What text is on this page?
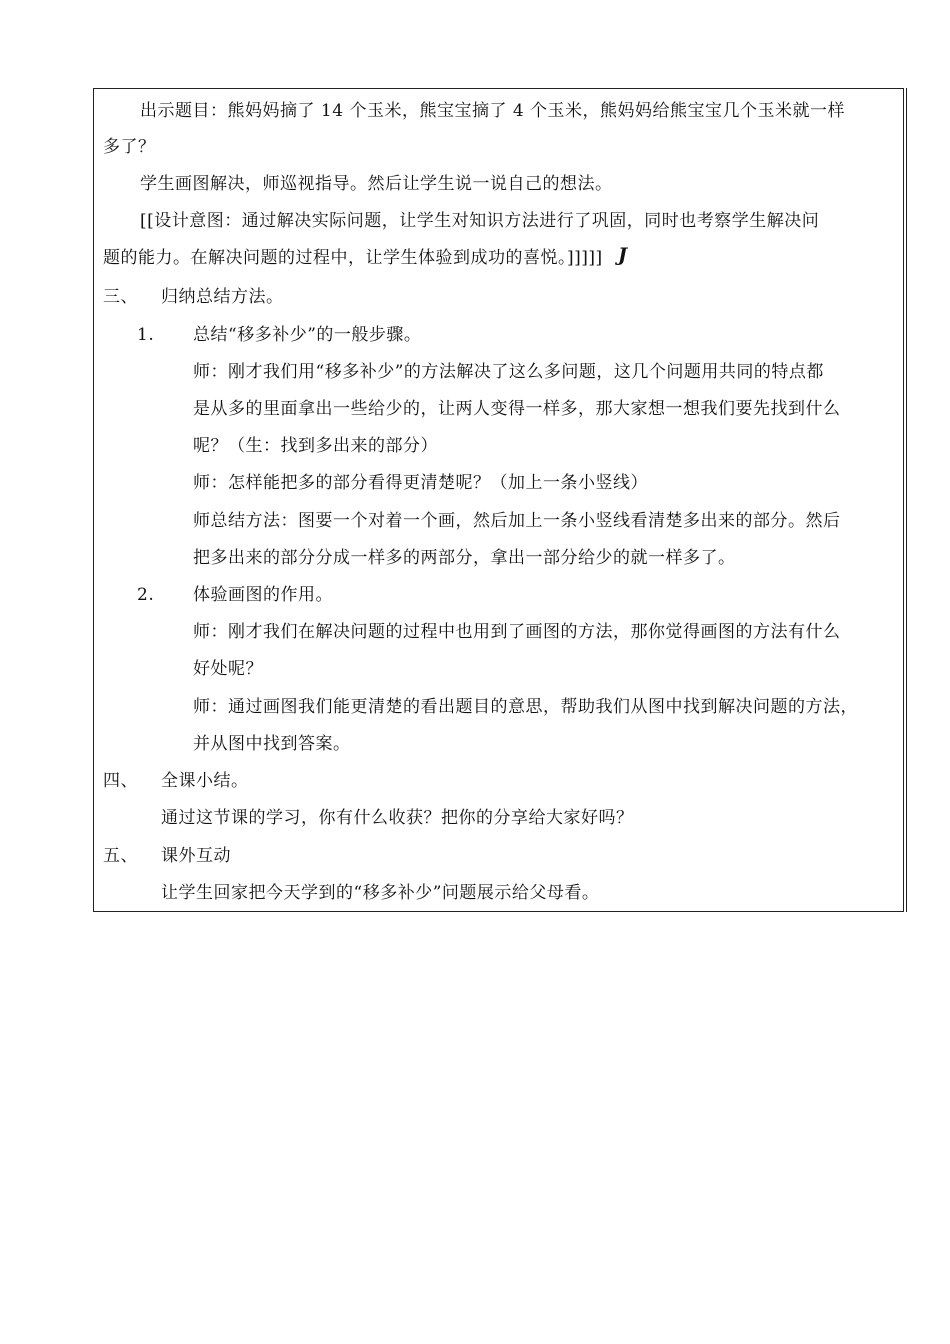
出示题目：熊妈妈摘了 14 个玉米，熊宝宝摘了 4 个玉米，熊妈妈给熊宝宝几个玉米就一样
多了？
学生画图解决，师巡视指导。然后让学生说一说自己的想法。
[[设计意图：通过解决实际问题，让学生对知识方法进行了巩固，同时也考察学生解决问
题的能力。在解决问题的过程中，让学生体验到成功的喜悦。]]]]] J
三、 归纳总结方法。
1. 总结“移多补少”的一般步骤。
师：刚才我们用“移多补少”的方法解决了这么多问题，这几个问题用共同的特点都
是从多的里面拿出一些给少的，让两人变得一样多，那大家想一想我们要先找到什么
呢？（生：找到多出来的部分）
师：怎样能把多的部分看得更清楚呢？（加上一条小竖线）
师总结方法：图要一个对着一个画，然后加上一条小竖线看清楚多出来的部分。然后
把多出来的部分分成一样多的两部分，拿出一部分给少的就一样多了。
2. 体验画图的作用。
师：刚才我们在解决问题的过程中也用到了画图的方法，那你觉得画图的方法有什么
好处呢？
师：通过画图我们能更清楚的看出题目的意思，帮助我们从图中找到解决问题的方法，
并从图中找到答案。
四、 全课小结。
通过这节课的学习，你有什么收获？把你的分享给大家好吗？
五、 课外互动
让学生回家把今天学到的“移多补少”问题展示给父母看。
